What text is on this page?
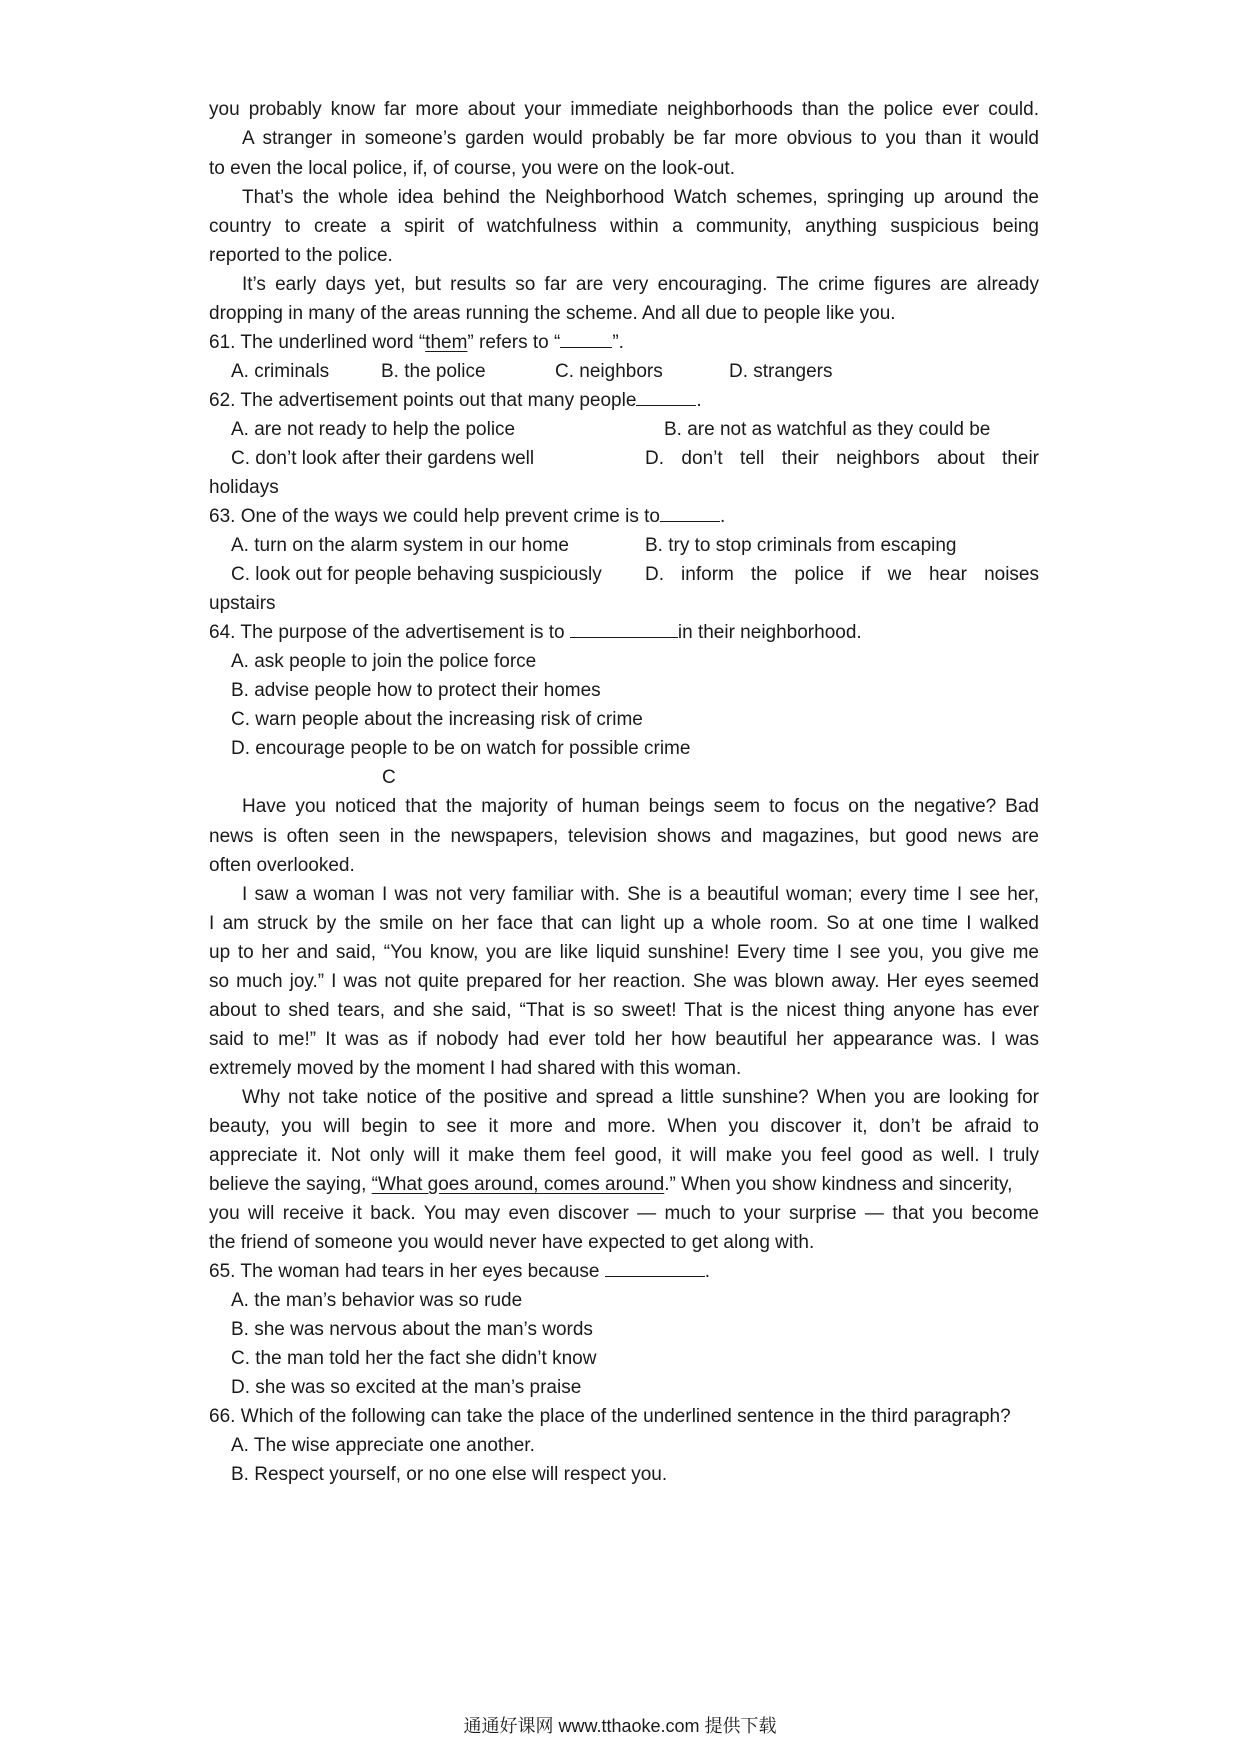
you probably know far more about your immediate neighborhoods than the police ever could.
A stranger in someone’s garden would probably be far more obvious to you than it would
to even the local police, if, of course, you were on the look-out.
That’s the whole idea behind the Neighborhood Watch schemes, springing up around the
country to create a spirit of watchfulness within a community, anything suspicious being
reported to the police.
It’s early days yet, but results so far are very encouraging. The crime figures are already
dropping in many of the areas running the scheme. And all due to people like you.
61. The underlined word “them” refers to “	”.
A. criminals	B. the police	C. neighbors	D. strangers
62. The advertisement points out that many people	.
A. are not ready to help the police	B. are not as watchful as they could be
C. don’t look after their gardens well	D. don’t tell their neighbors about their
holidays
63. One of the ways we could help prevent crime is to	.
A. turn on the alarm system in our home	B. try to stop criminals from escaping
C. look out for people behaving suspiciously	D. inform the police if we hear noises
upstairs
64. The purpose of the advertisement is to	in their neighborhood.
A. ask people to join the police force
B. advise people how to protect their homes
C. warn people about the increasing risk of crime
D. encourage people to be on watch for possible crime
C
Have you noticed that the majority of human beings seem to focus on the negative? Bad
news is often seen in the newspapers, television shows and magazines, but good news are
often overlooked.
I saw a woman I was not very familiar with. She is a beautiful woman; every time I see her,
I am struck by the smile on her face that can light up a whole room. So at one time I walked
up to her and said, “You know, you are like liquid sunshine! Every time I see you, you give me
so much joy.” I was not quite prepared for her reaction. She was blown away. Her eyes seemed
about to shed tears, and she said, “That is so sweet! That is the nicest thing anyone has ever
said to me!” It was as if nobody had ever told her how beautiful her appearance was. I was
extremely moved by the moment I had shared with this woman.
Why not take notice of the positive and spread a little sunshine? When you are looking for
beauty, you will begin to see it more and more. When you discover it, don’t be afraid to
appreciate it. Not only will it make them feel good, it will make you feel good as well. I truly
believe the saying, “What goes around, comes around.” When you show kindness and sincerity,
you will receive it back. You may even discover — much to your surprise — that you become
the friend of someone you would never have expected to get along with.
65. The woman had tears in her eyes because	.
A. the man’s behavior was so rude
B. she was nervous about the man’s words
C. the man told her the fact she didn’t know
D. she was so excited at the man’s praise
66. Which of the following can take the place of the underlined sentence in the third paragraph?
A. The wise appreciate one another.
B. Respect yourself, or no one else will respect you.
通通好课网 www.tthaoke.com 提供下载
